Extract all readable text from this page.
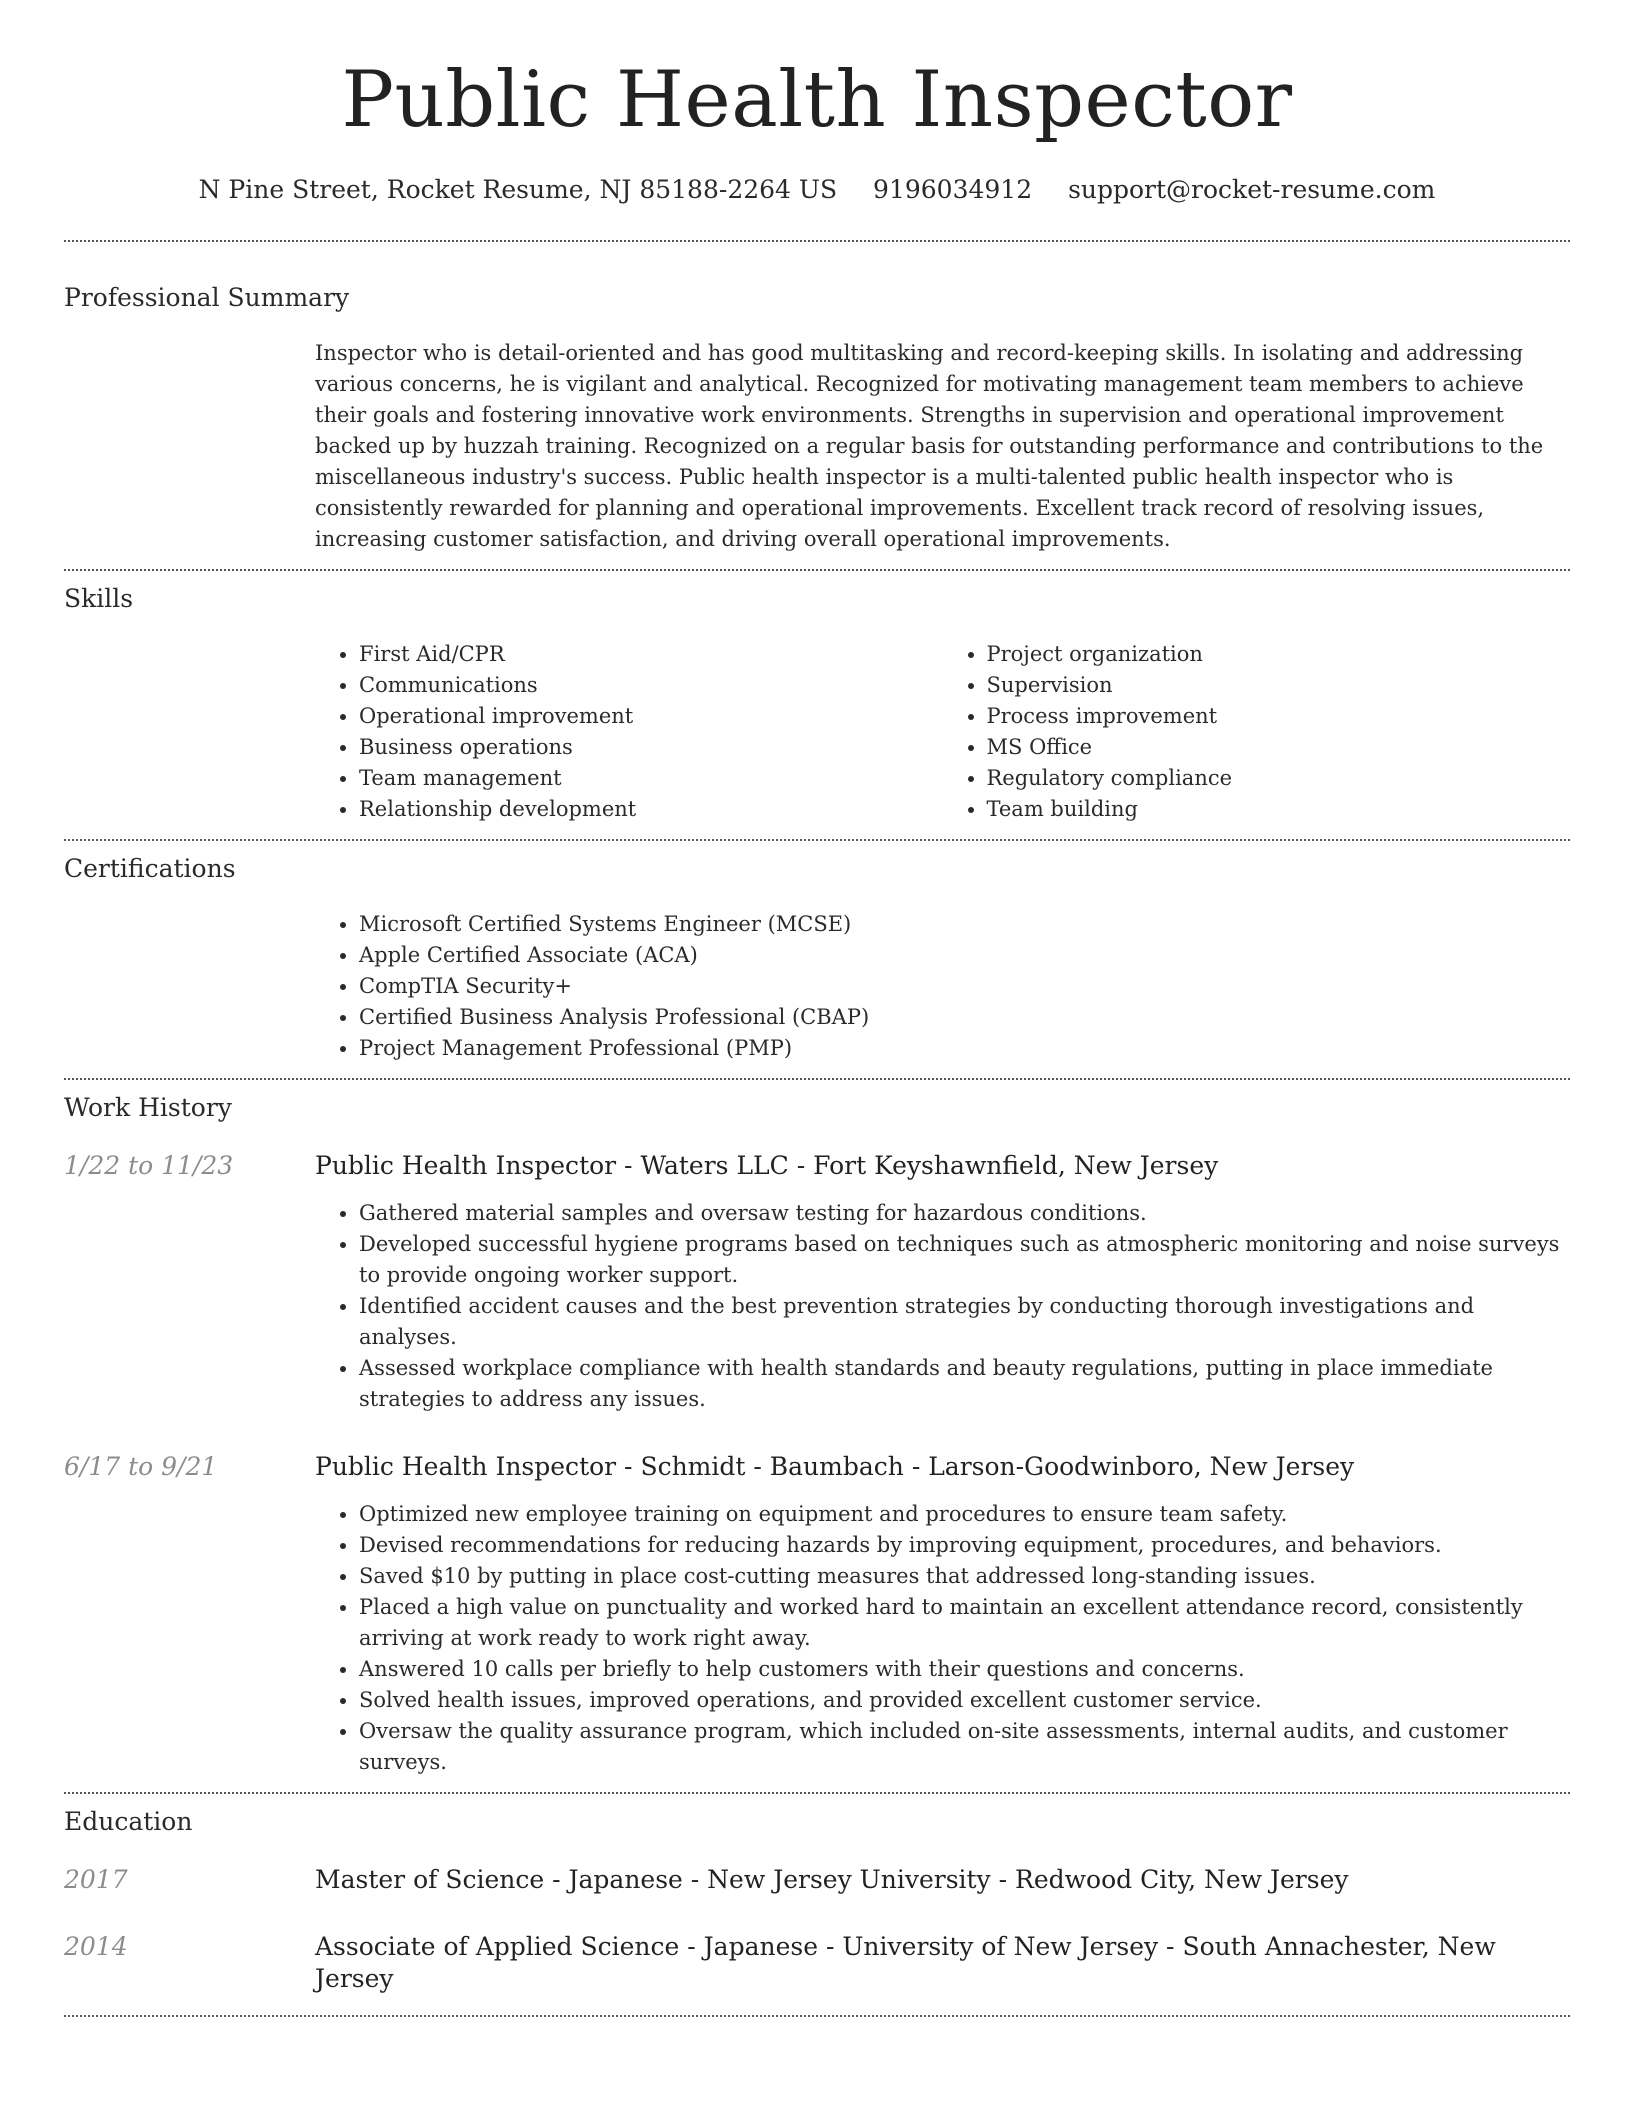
Public Health Inspector
N Pine Street, Rocket Resume, NJ 85188-2264 US 9196034912 support@rocket-resume.com
Professional Summary

Inspector who is detail-oriented and has good multitasking and record-keeping skills. In isolating and addressing various concerns, he is vigilant and analytical. Recognized for motivating management team members to achieve their goals and fostering innovative work environments. Strengths in supervision and operational improvement backed up by huzzah training. Recognized on a regular basis for outstanding performance and contributions to the miscellaneous industry's success. Public health inspector is a multi-talented public health inspector who is consistently rewarded for planning and operational improvements. Excellent track record of resolving issues, increasing customer satisfaction, and driving overall operational improvements.

Skills
• First Aid/CPR
• Communications
• Operational improvement
• Business operations
• Team management
• Relationship development
• Project organization
• Supervision
• Process improvement
• MS Office
• Regulatory compliance
• Team building
Certifications
• Microsoft Certified Systems Engineer (MCSE)
• Apple Certified Associate (ACA)
• CompTIA Security+
• Certified Business Analysis Professional (CBAP)
• Project Management Professional (PMP)
Work History
1/22 to 11/23	Public Health Inspector - Waters LLC - Fort Keyshawnfield, New Jersey
• Gathered material samples and oversaw testing for hazardous conditions.
• Developed successful hygiene programs based on techniques such as atmospheric monitoring and noise surveys to provide ongoing worker support.
• Identified accident causes and the best prevention strategies by conducting thorough investigations and analyses.
• Assessed workplace compliance with health standards and beauty regulations, putting in place immediate strategies to address any issues.
6/17 to 9/21	Public Health Inspector - Schmidt - Baumbach - Larson-Goodwinboro, New Jersey
• Optimized new employee training on equipment and procedures to ensure team safety.
• Devised recommendations for reducing hazards by improving equipment, procedures, and behaviors.
• Saved $10 by putting in place cost-cutting measures that addressed long-standing issues.
• Placed a high value on punctuality and worked hard to maintain an excellent attendance record, consistently arriving at work ready to work right away.
• Answered 10 calls per briefly to help customers with their questions and concerns.
• Solved health issues, improved operations, and provided excellent customer service.
• Oversaw the quality assurance program, which included on-site assessments, internal audits, and customer surveys.
Education
2017	Master of Science - Japanese - New Jersey University - Redwood City, New Jersey
2014	Associate of Applied Science - Japanese - University of New Jersey - South Annachester, New Jersey
